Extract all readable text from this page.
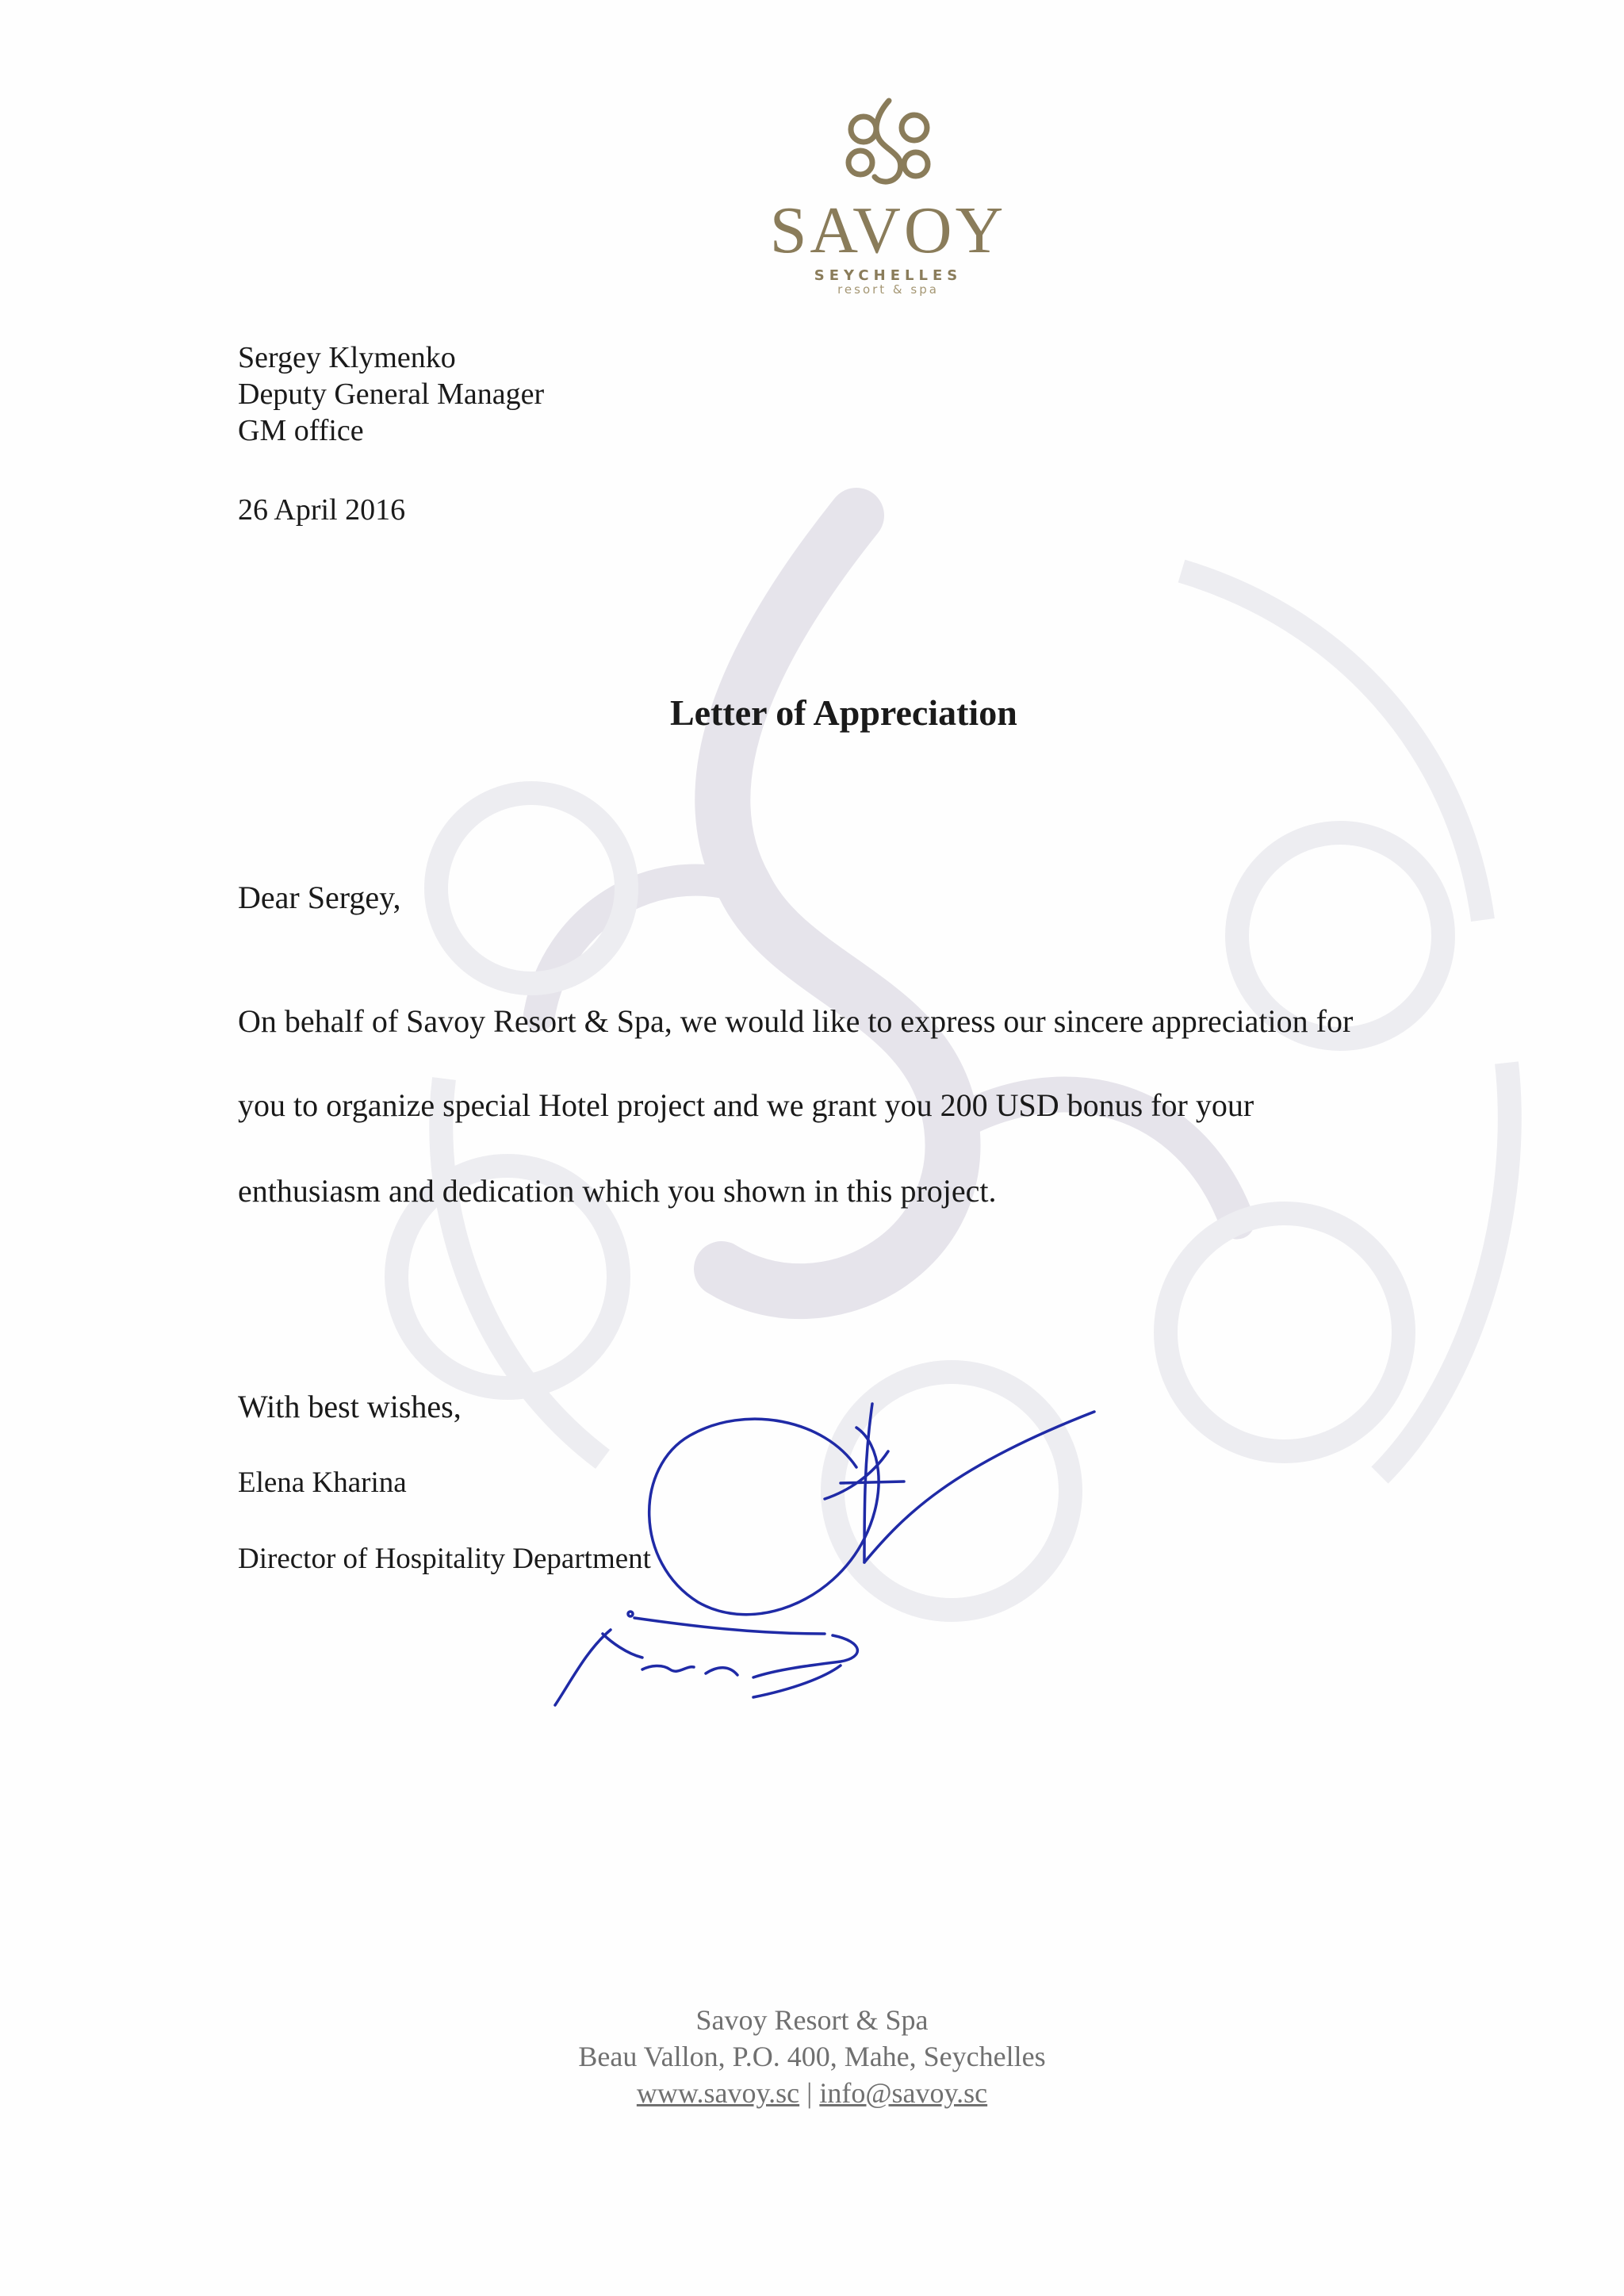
SAVOY
SEYCHELLES
resort & spa
Sergey Klymenko
Deputy General Manager
GM office
26 April 2016
Letter of Appreciation
Dear Sergey,
On behalf of Savoy Resort & Spa, we would like to express our sincere appreciation for
you to organize special Hotel project and we grant you 200 USD bonus for your
enthusiasm and dedication which you shown in this project.
With best wishes,
Elena Kharina
Director of Hospitality Department
Savoy Resort & Spa
Beau Vallon, P.O. 400, Mahe, Seychelles
www.savoy.sc | info@savoy.sc
